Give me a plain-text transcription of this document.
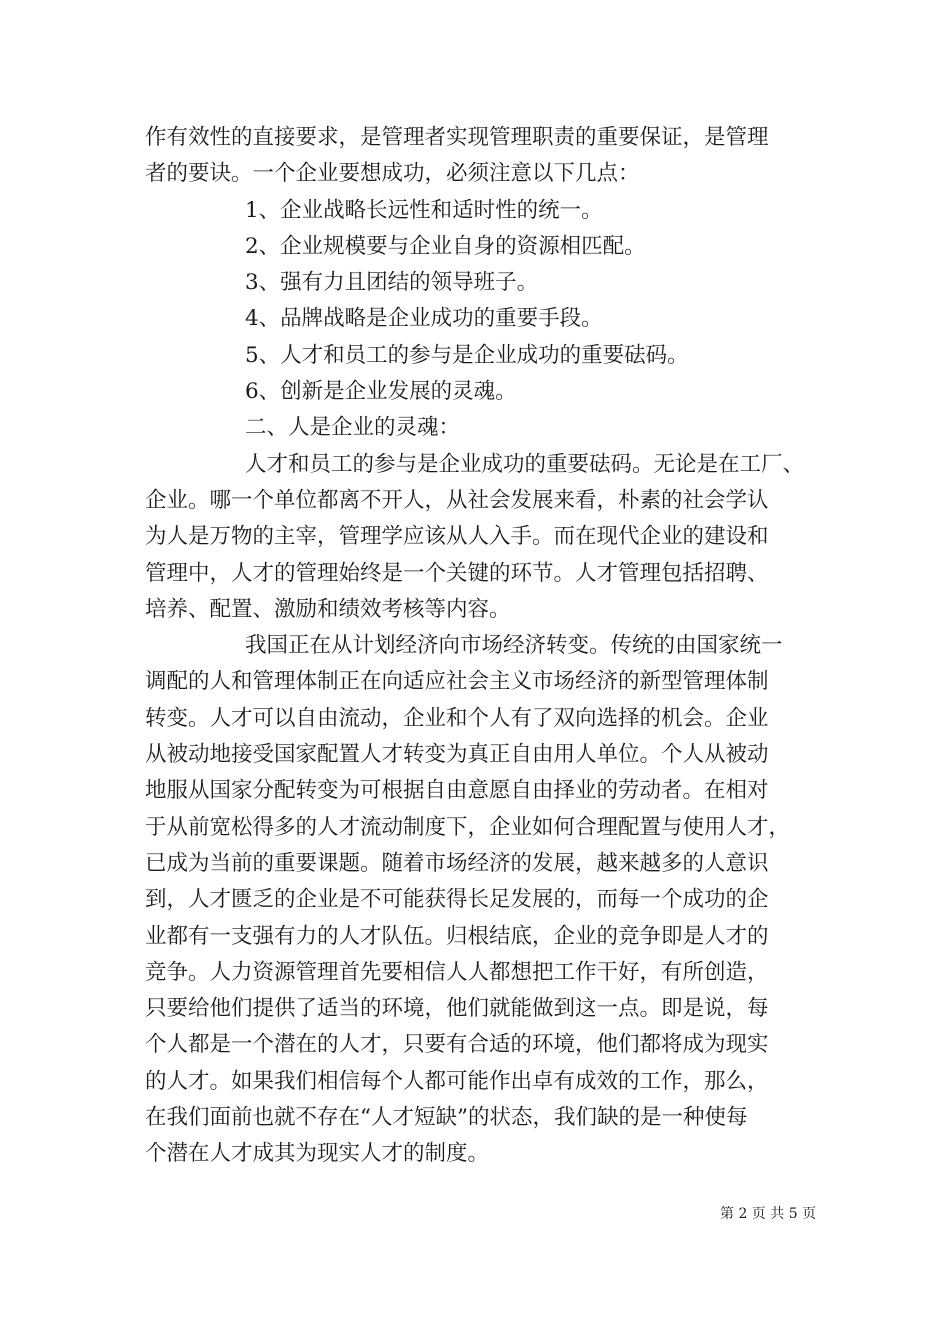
作有效性的直接要求，是管理者实现管理职责的重要保证，是管理
者的要诀。一个企业要想成功，必须注意以下几点：
1、企业战略长远性和适时性的统一。
2、企业规模要与企业自身的资源相匹配。
3、强有力且团结的领导班子。
4、品牌战略是企业成功的重要手段。
5、人才和员工的参与是企业成功的重要砝码。
6、创新是企业发展的灵魂。
二、人是企业的灵魂：
人才和员工的参与是企业成功的重要砝码。无论是在工厂、
企业。哪一个单位都离不开人，从社会发展来看，朴素的社会学认
为人是万物的主宰，管理学应该从人入手。而在现代企业的建设和
管理中，人才的管理始终是一个关键的环节。人才管理包括招聘、
培养、配置、激励和绩效考核等内容。
我国正在从计划经济向市场经济转变。传统的由国家统一
调配的人和管理体制正在向适应社会主义市场经济的新型管理体制
转变。人才可以自由流动，企业和个人有了双向选择的机会。企业
从被动地接受国家配置人才转变为真正自由用人单位。个人从被动
地服从国家分配转变为可根据自由意愿自由择业的劳动者。在相对
于从前宽松得多的人才流动制度下，企业如何合理配置与使用人才，
已成为当前的重要课题。随着市场经济的发展，越来越多的人意识
到，人才匮乏的企业是不可能获得长足发展的，而每一个成功的企
业都有一支强有力的人才队伍。归根结底，企业的竞争即是人才的
竞争。人力资源管理首先要相信人人都想把工作干好，有所创造，
只要给他们提供了适当的环境，他们就能做到这一点。即是说，每
个人都是一个潜在的人才，只要有合适的环境，他们都将成为现实
的人才。如果我们相信每个人都可能作出卓有成效的工作，那么，
在我们面前也就不存在“人才短缺”的状态，我们缺的是一种使每
个潜在人才成其为现实人才的制度。
第 2 页 共 5 页
